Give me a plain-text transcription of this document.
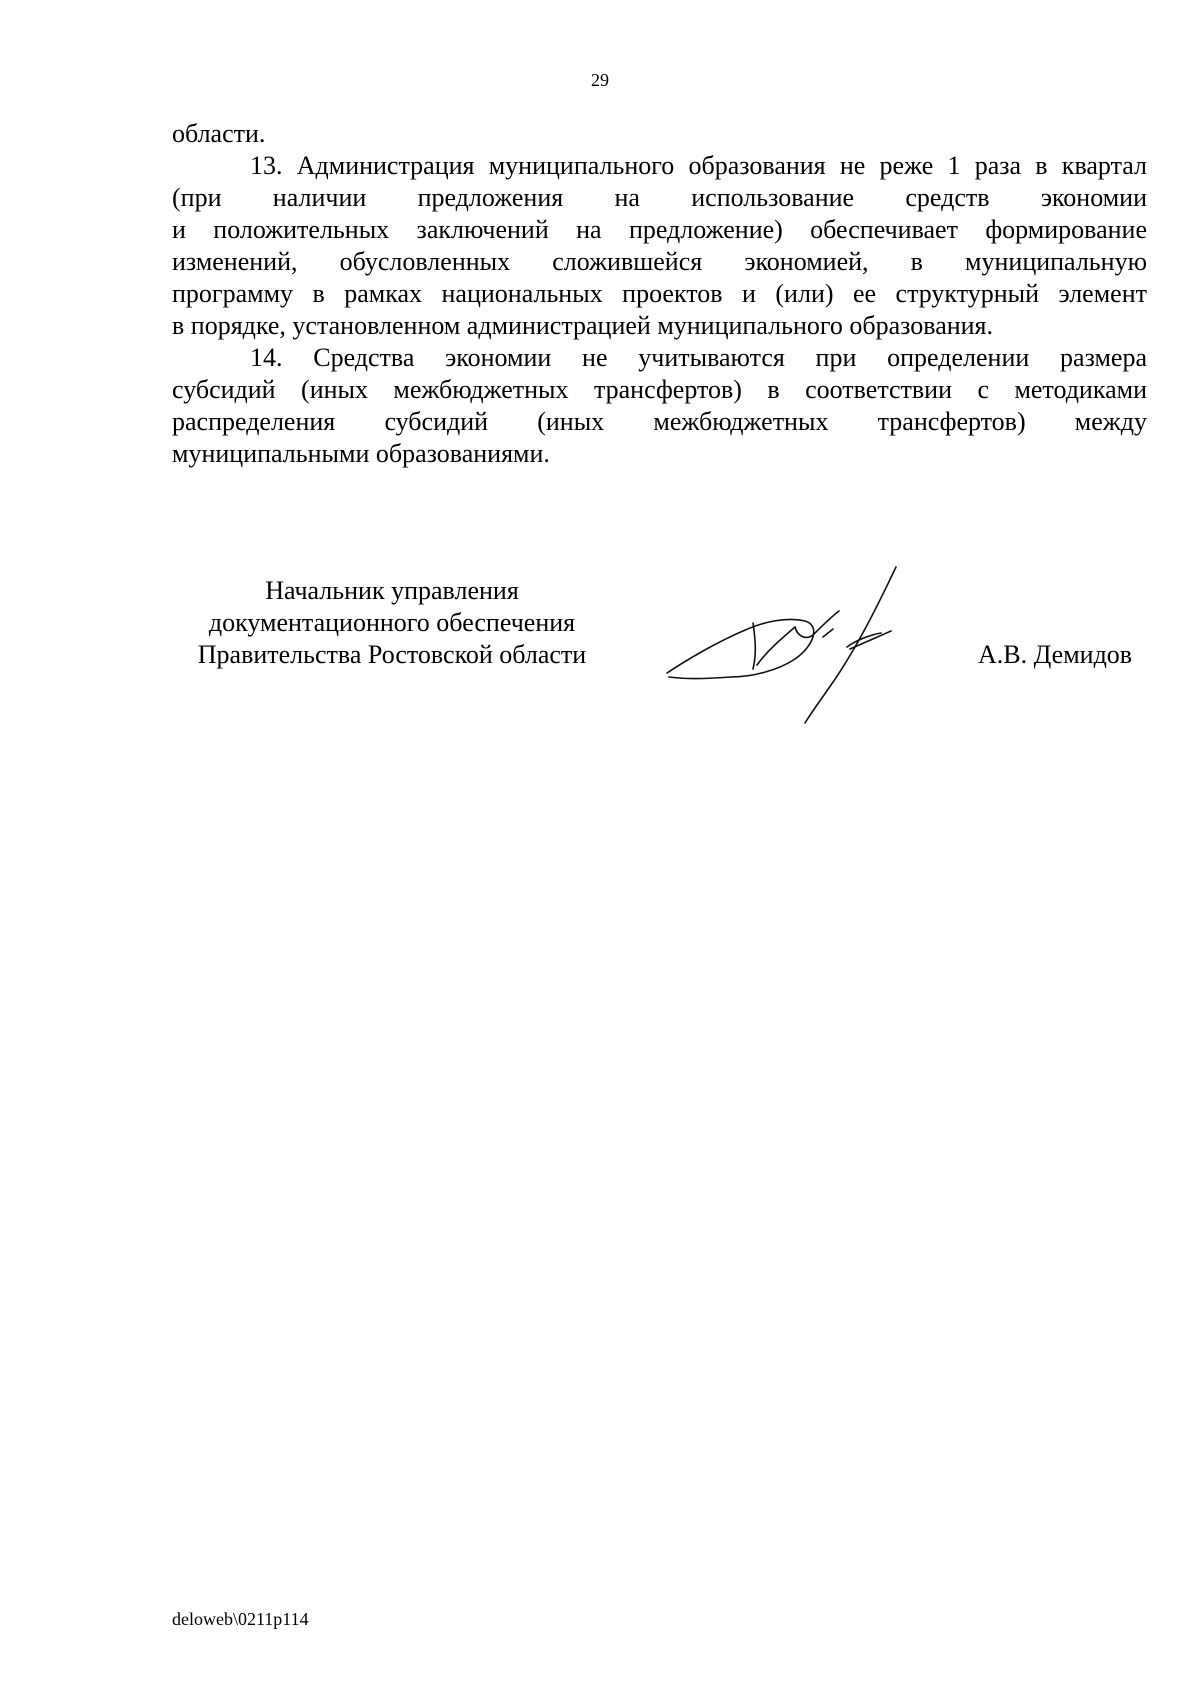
29
области.
13. Администрация муниципального образования не реже 1 раза в квартал
(при наличии предложения на использование средств экономии
и положительных заключений на предложение) обеспечивает формирование
изменений, обусловленных сложившейся экономией, в муниципальную
программу в рамках национальных проектов и (или) ее структурный элемент
в порядке, установленном администрацией муниципального образования.
14. Средства экономии не учитываются при определении размера
субсидий (иных межбюджетных трансфертов) в соответствии с методиками
распределения субсидий (иных межбюджетных трансфертов) между
муниципальными образованиями.
Начальник управления
документационного обеспечения
Правительства Ростовской области	А.В. Демидов
deloweb\0211p114
